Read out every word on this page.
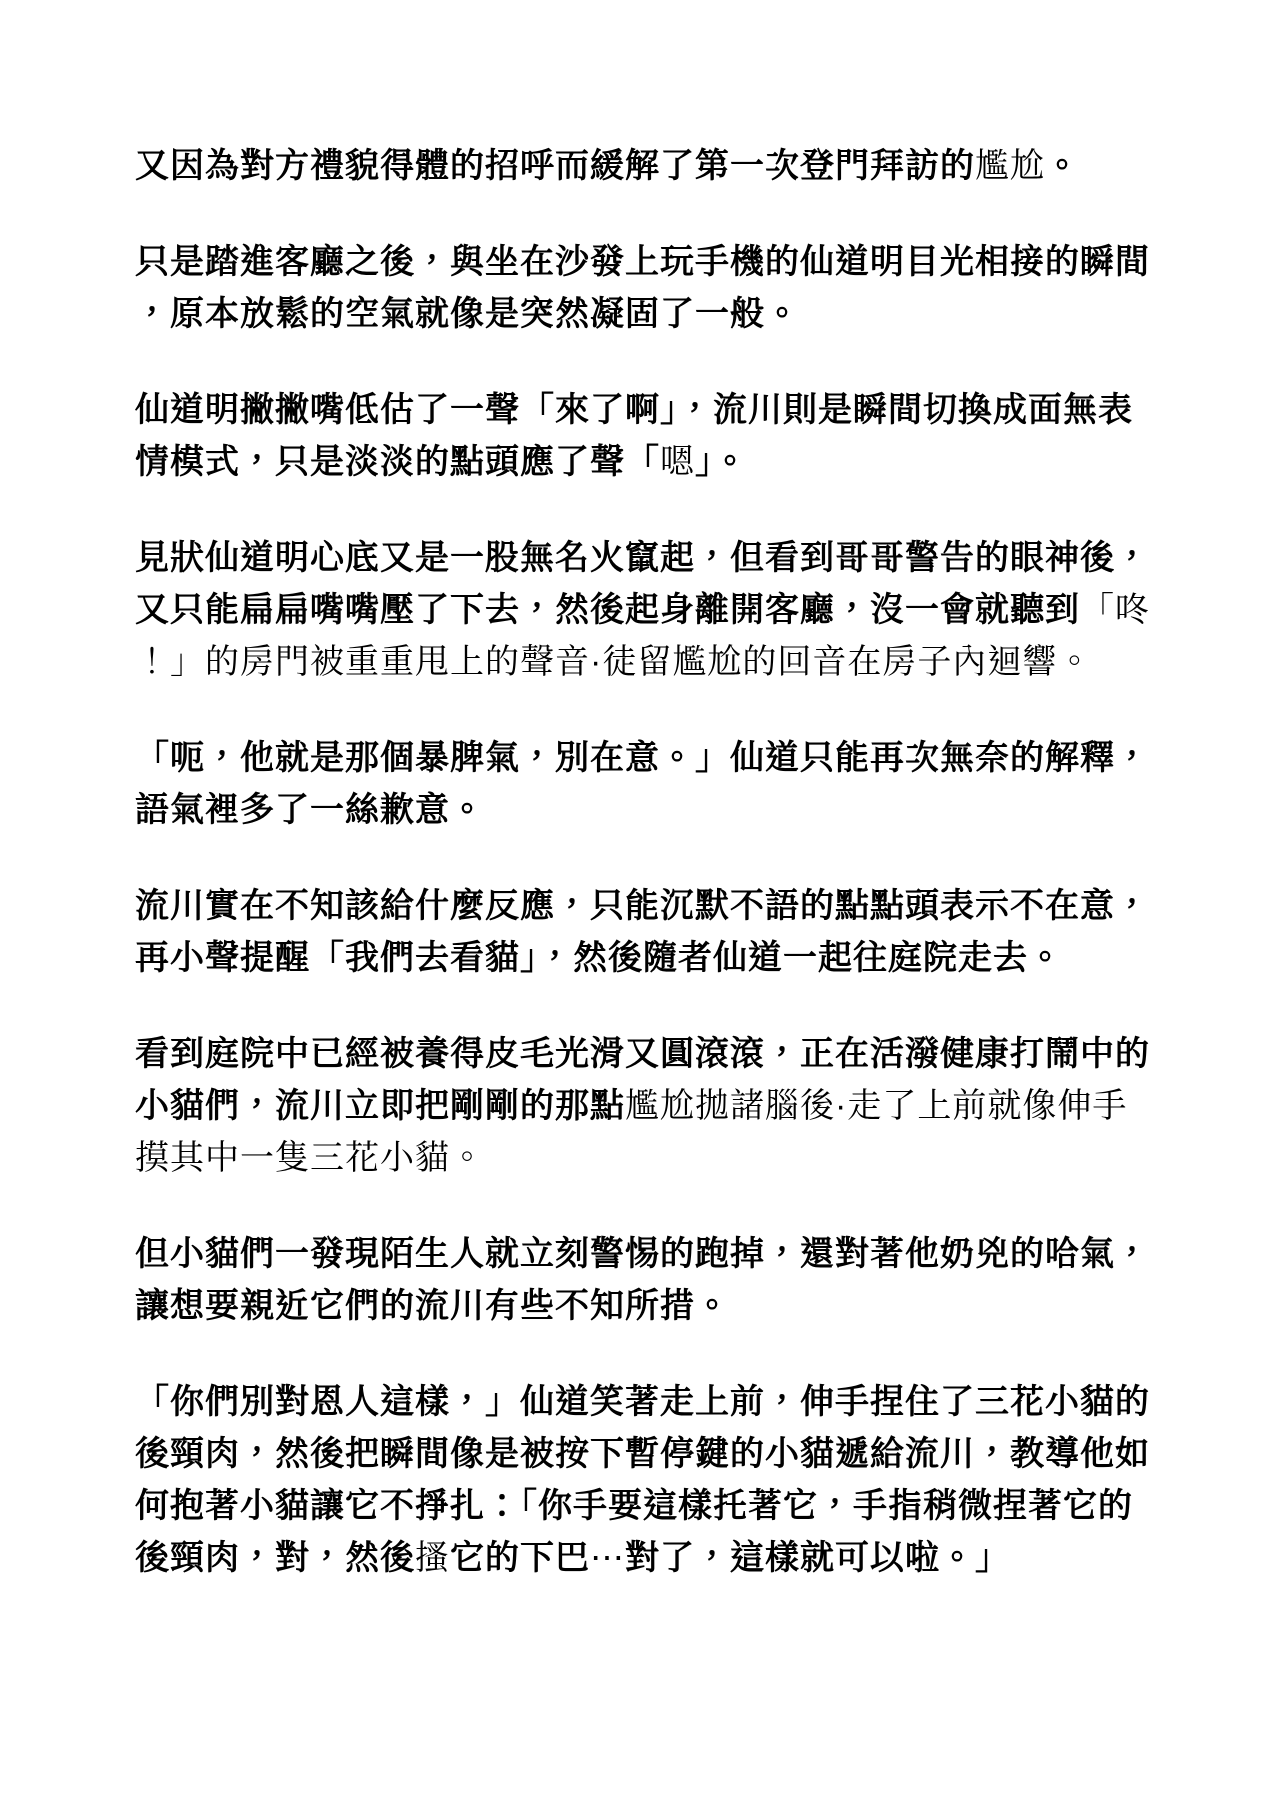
又因為對方禮貌得體的招呼而緩解了第一次登門拜訪的尷尬。

只是踏進客廳之後，與坐在沙發上玩手機的仙道明目光相接的瞬間，原本放鬆的空氣就像是突然凝固了一般。

仙道明撇撇嘴低估了一聲「來了啊」，流川則是瞬間切換成面無表情模式，只是淡淡的點頭應了聲「嗯」。

見狀仙道明心底又是一股無名火竄起，但看到哥哥警告的眼神後，又只能扁扁嘴嘴壓了下去，然後起身離開客廳，沒一會就聽到「咚！」的房門被重重甩上的聲音·徒留尷尬的回音在房子內迴響。

「呃，他就是那個暴脾氣，別在意。」仙道只能再次無奈的解釋，語氣裡多了一絲歉意。

流川實在不知該給什麼反應，只能沉默不語的點點頭表示不在意，再小聲提醒「我們去看貓」，然後隨者仙道一起往庭院走去。

看到庭院中已經被養得皮毛光滑又圓滾滾，正在活潑健康打鬧中的小貓們，流川立即把剛剛的那點尷尬拋諸腦後·走了上前就像伸手摸其中一隻三花小貓。

但小貓們一發現陌生人就立刻警惕的跑掉，還對著他奶兇的哈氣，讓想要親近它們的流川有些不知所措。

「你們別對恩人這樣，」仙道笑著走上前，伸手捏住了三花小貓的後頸肉，然後把瞬間像是被按下暫停鍵的小貓遞給流川，教導他如何抱著小貓讓它不掙扎：「你手要這樣托著它，手指稍微捏著它的後頸肉，對，然後搔它的下巴⋯對了，這樣就可以啦。」
